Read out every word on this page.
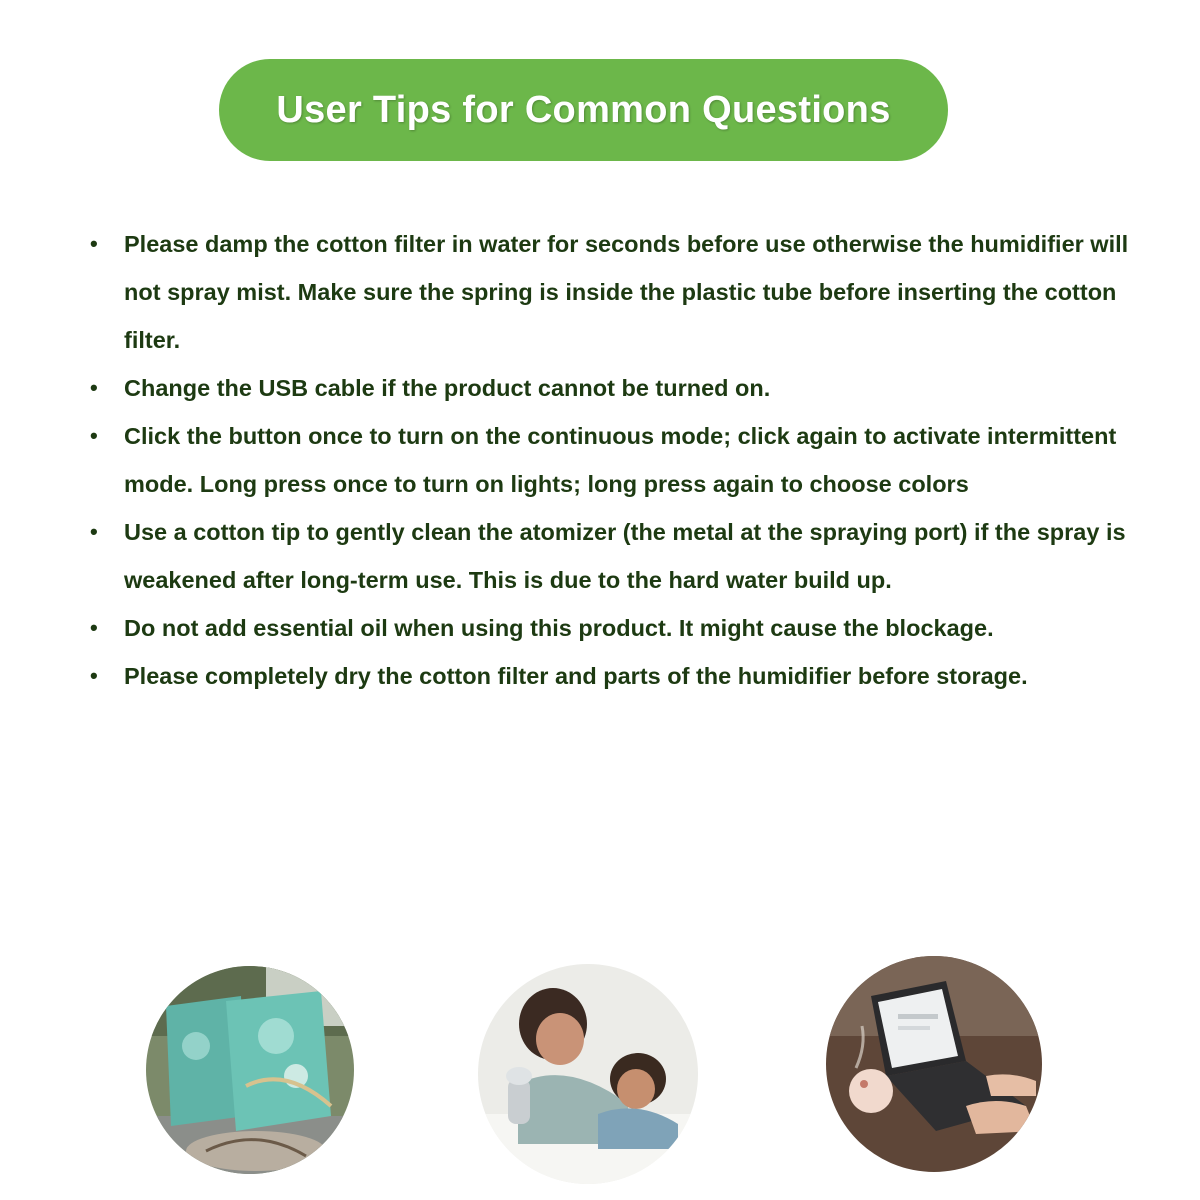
User Tips for Common Questions
• Please damp the cotton filter in water for seconds before use otherwise the humidifier will not spray mist. Make sure the spring is inside the plastic tube before inserting the cotton filter.
• Change the USB cable if the product cannot be turned on.
• Click the button once to turn on the continuous mode; click again to activate intermittent mode. Long press once to turn on lights; long press again to choose colors
• Use a cotton tip to gently clean the atomizer (the metal at the spraying port) if the spray is weakened after long-term use. This is due to the hard water build up.
• Do not add essential oil when using this product. It might cause the blockage.
• Please completely dry the cotton filter and parts of the humidifier before storage.
